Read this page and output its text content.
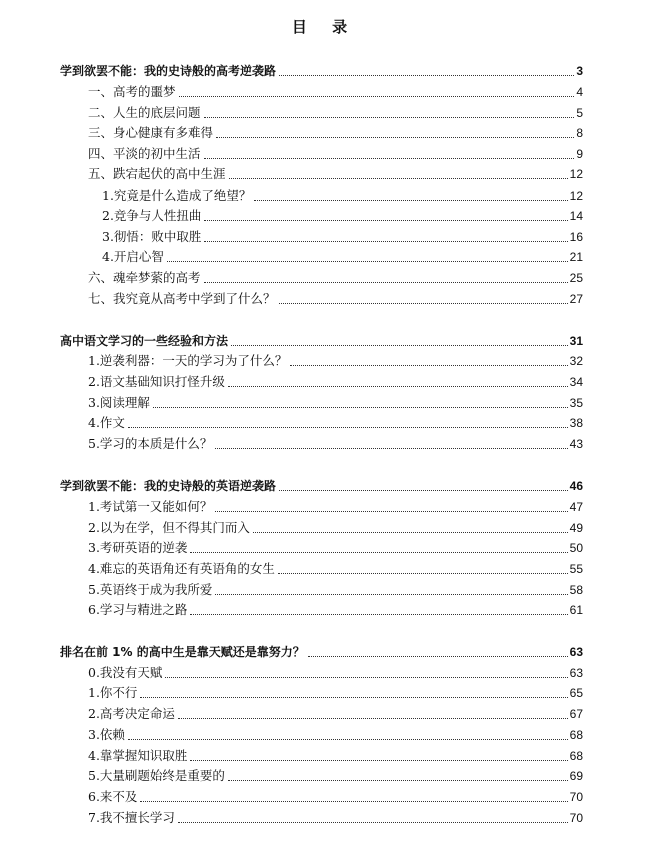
目 录
学到欲罢不能：我的史诗般的高考逆袭路	3
一、高考的噩梦	4
二、人生的底层问题	5
三、身心健康有多难得	8
四、平淡的初中生活	9
五、跌宕起伏的高中生涯	12
1.究竟是什么造成了绝望？	12
2.竞争与人性扭曲	14
3.彻悟：败中取胜	16
4.开启心智	21
六、魂牵梦萦的高考	25
七、我究竟从高考中学到了什么？	27
高中语文学习的一些经验和方法	31
1.逆袭利器：一天的学习为了什么？	32
2.语文基础知识打怪升级	34
3.阅读理解	35
4.作文	38
5.学习的本质是什么？	43
学到欲罢不能：我的史诗般的英语逆袭路	46
1.考试第一又能如何？	47
2.以为在学，但不得其门而入	49
3.考研英语的逆袭	50
4.难忘的英语角还有英语角的女生	55
5.英语终于成为我所爱	58
6.学习与精进之路	61
排名在前 1% 的高中生是靠天赋还是靠努力？	63
0.我没有天赋	63
1.你不行	65
2.高考决定命运	67
3.依赖	68
4.靠掌握知识取胜	68
5.大量刷题始终是重要的	69
6.来不及	70
7.我不擅长学习	70
